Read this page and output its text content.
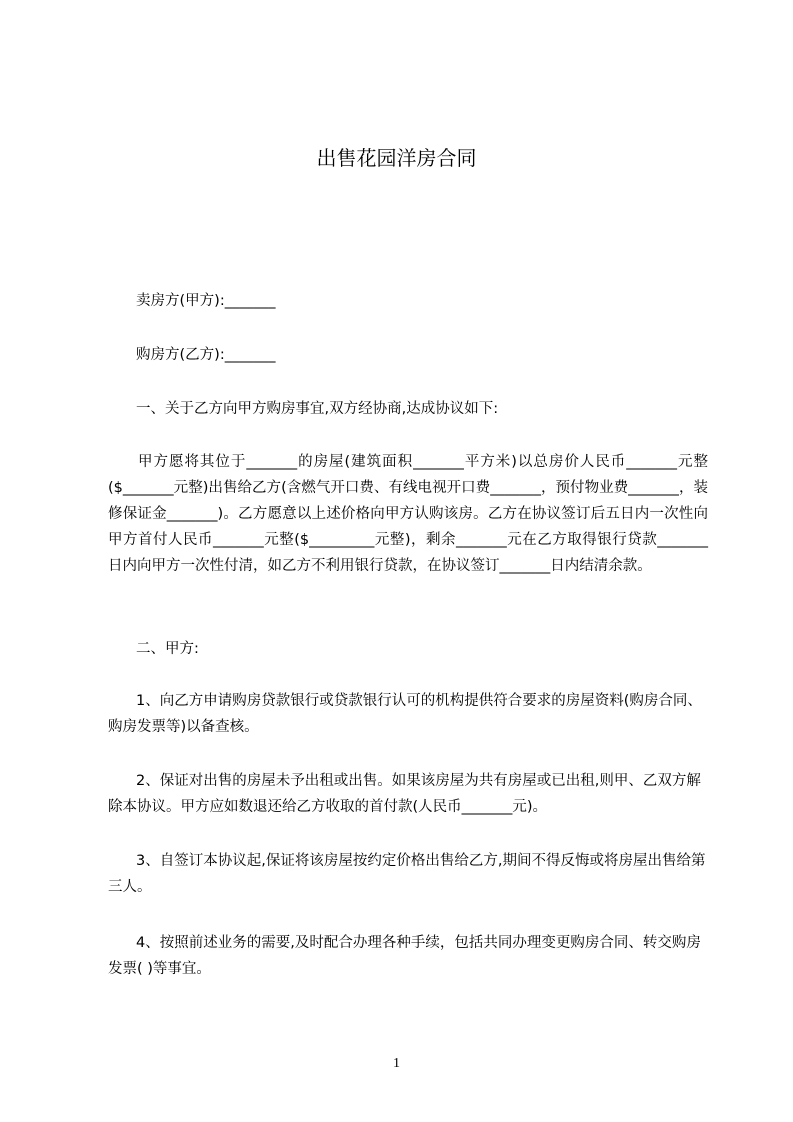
出售花园洋房合同

卖房方(甲方):_______

购房方(乙方):_______

一、关于乙方向甲方购房事宜,双方经协商,达成协议如下:

甲方愿将其位于_______的房屋(建筑面积_______平方米)以总房价人民币_______元整($_______元整)出售给乙方(含燃气开口费、有线电视开口费_______，预付物业费_______，装修保证金_______)。乙方愿意以上述价格向甲方认购该房。乙方在协议签订后五日内一次性向甲方首付人民币_______元整($_________元整)，剩余_______元在乙方取得银行贷款_______日内向甲方一次性付清，如乙方不利用银行贷款，在协议签订_______日内结清余款。

二、甲方:

1、向乙方申请购房贷款银行或贷款银行认可的机构提供符合要求的房屋资料(购房合同、购房发票等)以备查核。

2、保证对出售的房屋未予出租或出售。如果该房屋为共有房屋或已出租,则甲、乙双方解除本协议。甲方应如数退还给乙方收取的首付款(人民币_______元)。

3、自签订本协议起,保证将该房屋按约定价格出售给乙方,期间不得反悔或将房屋出售给第三人。

4、按照前述业务的需要,及时配合办理各种手续，包括共同办理变更购房合同、转交购房发票( )等事宜。

1
